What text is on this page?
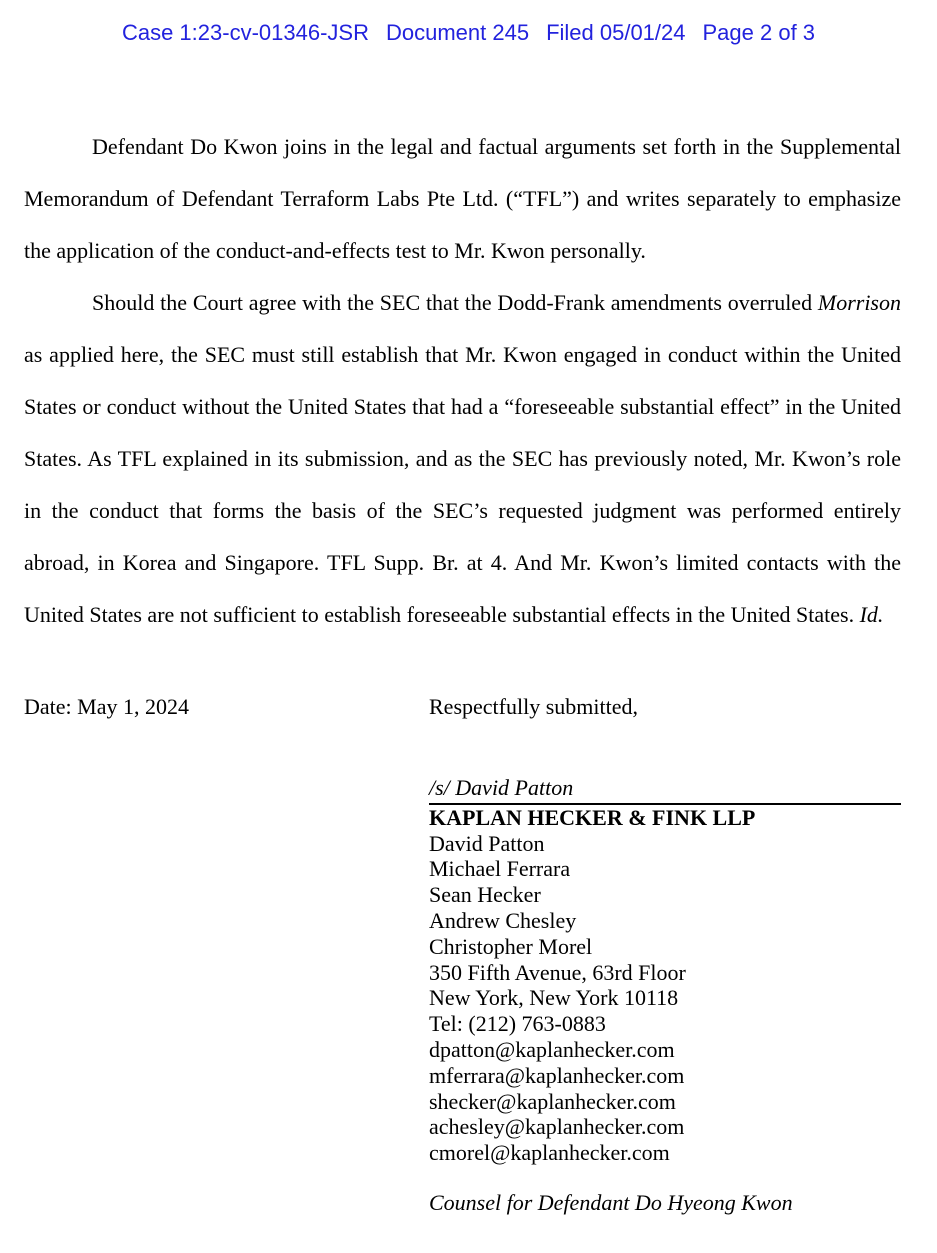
Case 1:23-cv-01346-JSR Document 245 Filed 05/01/24 Page 2 of 3

Defendant Do Kwon joins in the legal and factual arguments set forth in the Supplemental Memorandum of Defendant Terraform Labs Pte Ltd. (“TFL”) and writes separately to emphasize the application of the conduct-and-effects test to Mr. Kwon personally.

Should the Court agree with the SEC that the Dodd-Frank amendments overruled Morrison as applied here, the SEC must still establish that Mr. Kwon engaged in conduct within the United States or conduct without the United States that had a “foreseeable substantial effect” in the United States. As TFL explained in its submission, and as the SEC has previously noted, Mr. Kwon’s role in the conduct that forms the basis of the SEC’s requested judgment was performed entirely abroad, in Korea and Singapore. TFL Supp. Br. at 4. And Mr. Kwon’s limited contacts with the United States are not sufficient to establish foreseeable substantial effects in the United States. Id.

Date: May 1, 2024	Respectfully submitted,
/s/ David Patton
KAPLAN HECKER & FINK LLP
David Patton
Michael Ferrara
Sean Hecker
Andrew Chesley
Christopher Morel
350 Fifth Avenue, 63rd Floor
New York, New York 10118
Tel: (212) 763-0883
dpatton@kaplanhecker.com
mferrara@kaplanhecker.com
shecker@kaplanhecker.com
achesley@kaplanhecker.com
cmorel@kaplanhecker.com
Counsel for Defendant Do Hyeong Kwon
